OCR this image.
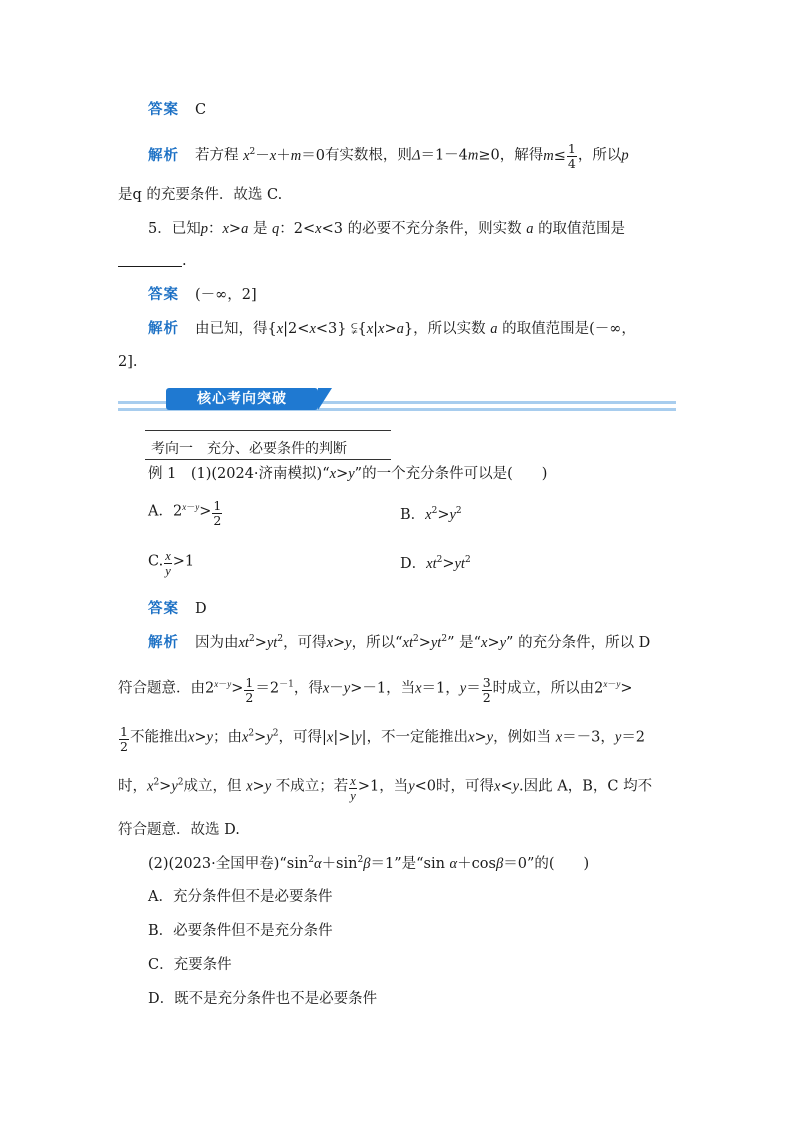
答案 C
解析 若方程 $x^2-x+m=0$有实数根，则Δ＝1－4m≥0，解得$m\le \frac{1}{4}$ ，所以p
是q 的充要条件．故选 C.
5．已知p：x>a 是 q：2<x<3 的必要不充分条件，则实数 a 的取值范围是
.
答案 (－∞，2]
解析 由已知，得{x|2<x<3} ⫋{x|x>a}，所以实数 a 的取值范围是(－∞，
2].
核心考向突破
考向一　充分、必要条件的判断
例 1　(1)(2024·济南模拟)“x>y”的一个充分条件可以是(　　)
A．$2^{x-y}> \frac{1}{2}$	B．$x^2>y^2$
C. $\frac{x}{y} >1$	D．$xt^2>yt^2$
答案 D
解析 因为由$xt^2>yt^2$，可得x>y，所以“$xt^2>yt^2$” 是“x>y” 的充分条件，所以 D
符合题意．由$2^{x-y}> \frac{1}{2} =2^{-1}$，得x－y>－1，当x＝1，$y= \frac{3}{2}$ 时成立，所以由$2^{x-y}>$
$\frac{1}{2}$ 不能推出x>y；由$x^2>y^2$，可得|x|>|y|，不一定能推出x>y，例如当 x＝－3，y＝2
时，$x^2>y^2$成立，但 x>y 不成立；若 $\frac{x}{y} >1$，当y<0时，可得x<y.因此 A，B，C 均不
符合题意．故选 D.
(2)(2023·全国甲卷)“$\sin^2\alpha+\sin^2\beta=1$”是“sin α＋cosβ＝0”的(　　)
A．充分条件但不是必要条件
B．必要条件但不是充分条件
C．充要条件
D．既不是充分条件也不是必要条件
